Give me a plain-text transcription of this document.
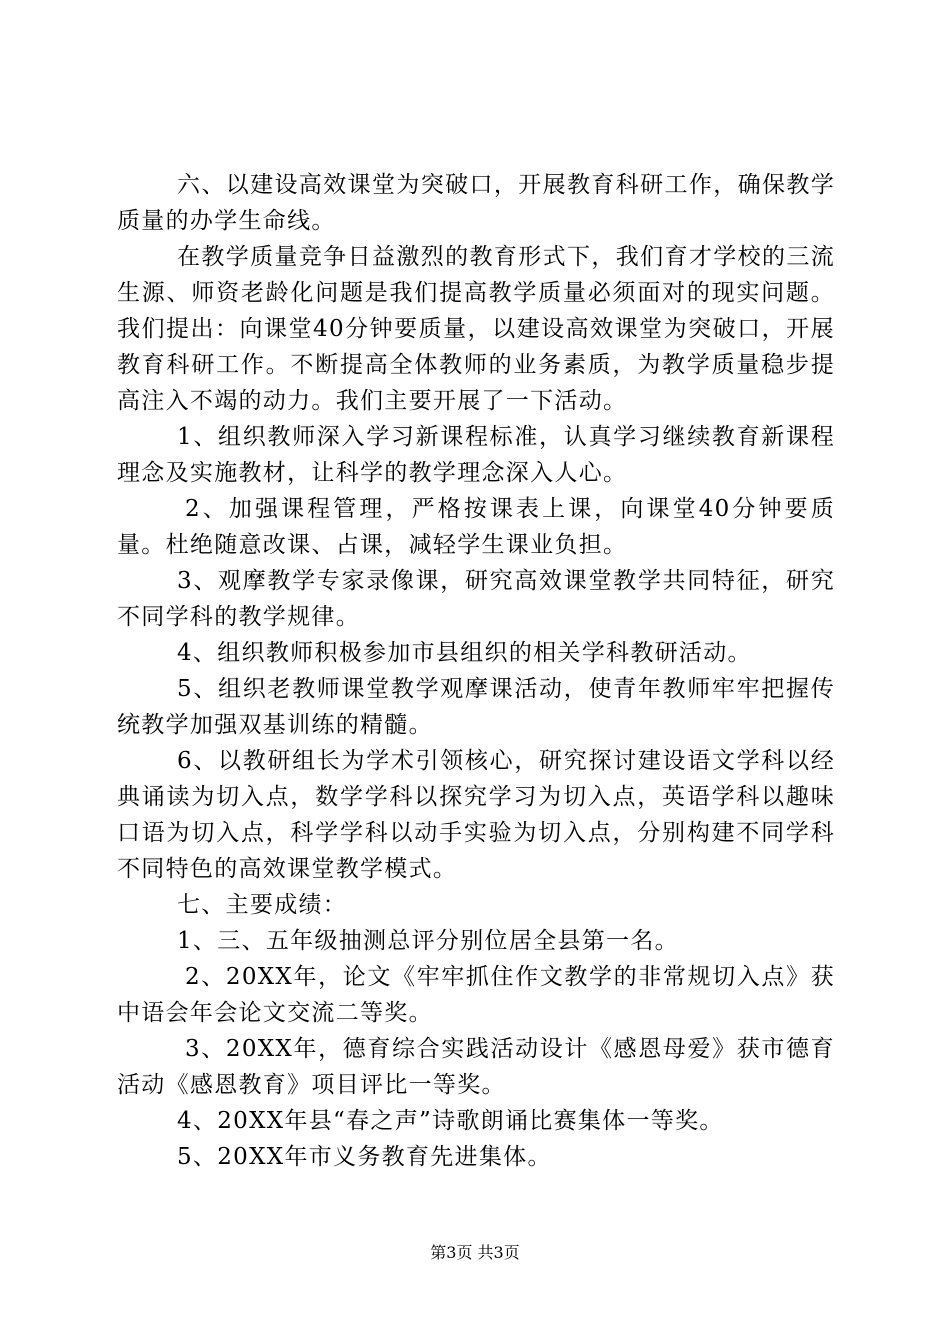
六、以建设高效课堂为突破口，开展教育科研工作，确保教学质量的办学生命线。

在教学质量竞争日益激烈的教育形式下，我们育才学校的三流生源、师资老龄化问题是我们提高教学质量必须面对的现实问题。我们提出：向课堂40分钟要质量，以建设高效课堂为突破口，开展教育科研工作。不断提高全体教师的业务素质，为教学质量稳步提高注入不竭的动力。我们主要开展了一下活动。

1、组织教师深入学习新课程标准，认真学习继续教育新课程理念及实施教材，让科学的教学理念深入人心。

2、加强课程管理，严格按课表上课，向课堂40分钟要质量。杜绝随意改课、占课，减轻学生课业负担。

3、观摩教学专家录像课，研究高效课堂教学共同特征，研究不同学科的教学规律。

4、组织教师积极参加市县组织的相关学科教研活动。

5、组织老教师课堂教学观摩课活动，使青年教师牢牢把握传统教学加强双基训练的精髓。

6、以教研组长为学术引领核心，研究探讨建设语文学科以经典诵读为切入点，数学学科以探究学习为切入点，英语学科以趣味口语为切入点，科学学科以动手实验为切入点，分别构建不同学科不同特色的高效课堂教学模式。

七、主要成绩：

1、三、五年级抽测总评分别位居全县第一名。

2、20XX年，论文《牢牢抓住作文教学的非常规切入点》获中语会年会论文交流二等奖。

3、20XX年，德育综合实践活动设计《感恩母爱》获市德育活动《感恩教育》项目评比一等奖。

4、20XX年县“春之声”诗歌朗诵比赛集体一等奖。

5、20XX年市义务教育先进集体。

第3页 共3页
